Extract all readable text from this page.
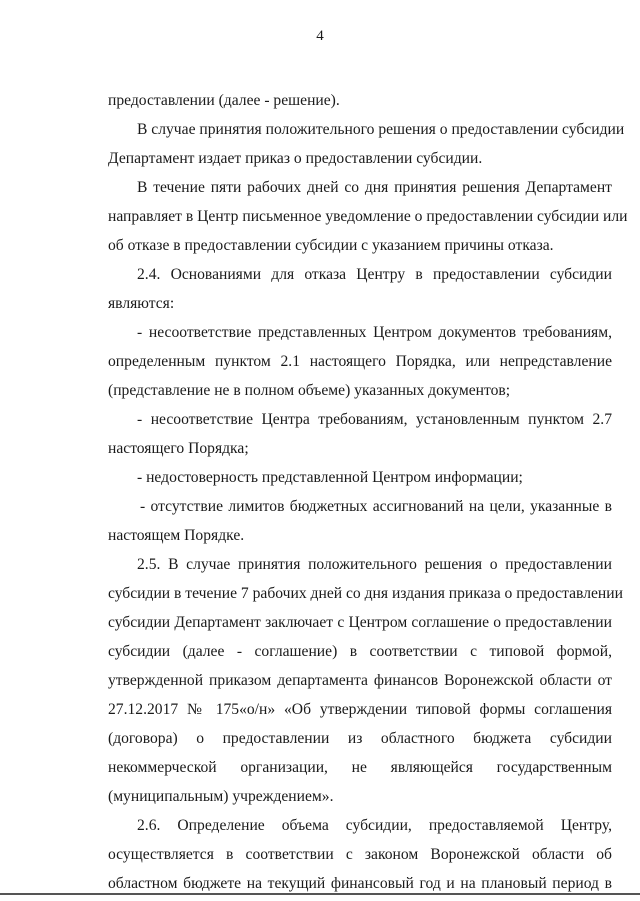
4
предоставлении (далее - решение).
В случае принятия положительного решения о предоставлении субсидии
Департамент издает приказ о предоставлении субсидии.
В течение пяти рабочих дней со дня принятия решения Департамент
направляет в Центр письменное уведомление о предоставлении субсидии или
об отказе в предоставлении субсидии с указанием причины отказа.
2.4. Основаниями для отказа Центру в предоставлении субсидии
являются:
- несоответствие представленных Центром документов требованиям,
определенным пунктом 2.1 настоящего Порядка, или непредставление
(представление не в полном объеме) указанных документов;
- несоответствие Центра требованиям, установленным пунктом 2.7
настоящего Порядка;
- недостоверность представленной Центром информации;
- отсутствие лимитов бюджетных ассигнований на цели, указанные в
настоящем Порядке.
2.5. В случае принятия положительного решения о предоставлении
субсидии в течение 7 рабочих дней со дня издания приказа о предоставлении
субсидии Департамент заключает с Центром соглашение о предоставлении
субсидии (далее - соглашение) в соответствии с типовой формой,
утвержденной приказом департамента финансов Воронежской области от
27.12.2017 № 175«о/н» «Об утверждении типовой формы соглашения
(договора) о предоставлении из областного бюджета субсидии
некоммерческой организации, не являющейся государственным
(муниципальным) учреждением».
2.6. Определение объема субсидии, предоставляемой Центру,
осуществляется в соответствии с законом Воронежской области об
областном бюджете на текущий финансовый год и на плановый период в
